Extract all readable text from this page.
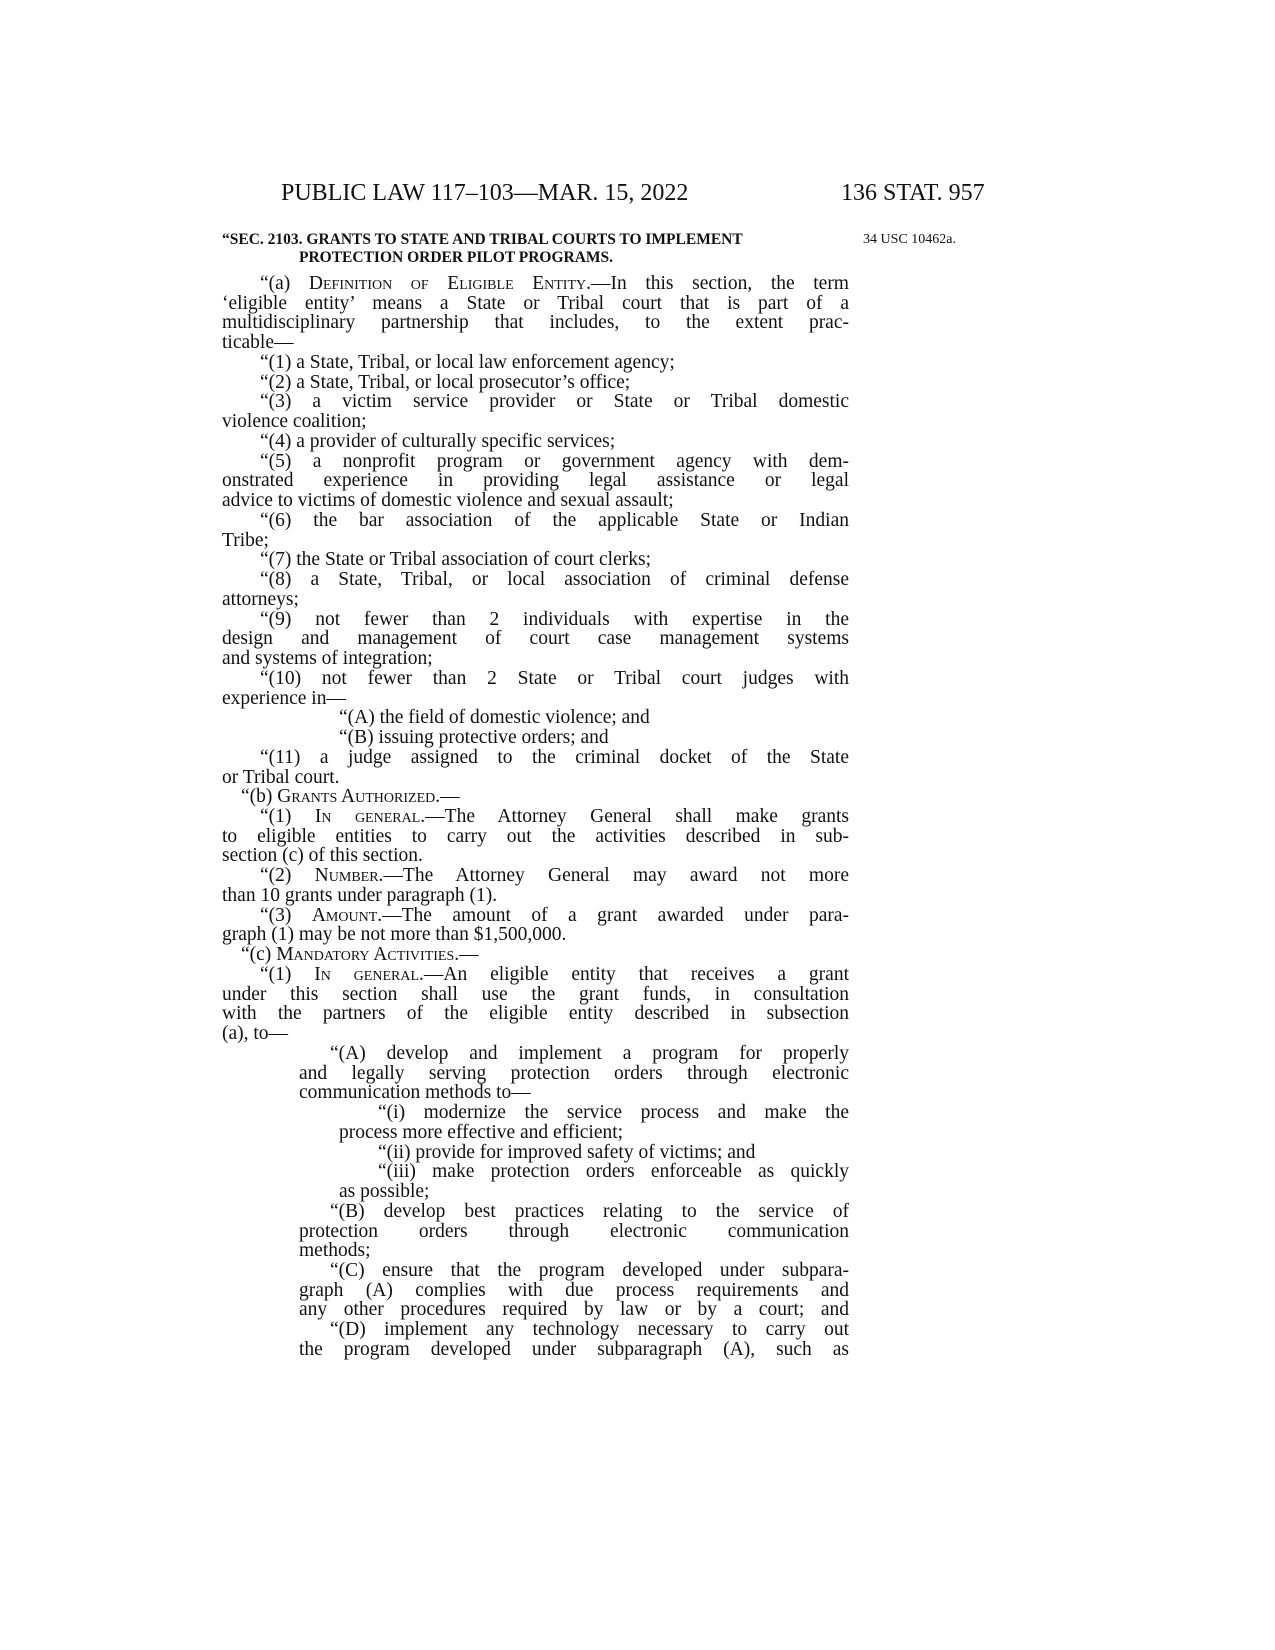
PUBLIC LAW 117–103—MAR. 15, 2022	136 STAT. 957
“SEC. 2103. GRANTS TO STATE AND TRIBAL COURTS TO IMPLEMENT
PROTECTION ORDER PILOT PROGRAMS.
34 USC 10462a.
“(a) Definition of Eligible Entity.—In this section, the term
‘eligible entity’ means a State or Tribal court that is part of a
multidisciplinary partnership that includes, to the extent prac-
ticable—
“(1) a State, Tribal, or local law enforcement agency;
“(2) a State, Tribal, or local prosecutor’s office;
“(3) a victim service provider or State or Tribal domestic
violence coalition;
“(4) a provider of culturally specific services;
“(5) a nonprofit program or government agency with dem-
onstrated experience in providing legal assistance or legal
advice to victims of domestic violence and sexual assault;
“(6) the bar association of the applicable State or Indian
Tribe;
“(7) the State or Tribal association of court clerks;
“(8) a State, Tribal, or local association of criminal defense
attorneys;
“(9) not fewer than 2 individuals with expertise in the
design and management of court case management systems
and systems of integration;
“(10) not fewer than 2 State or Tribal court judges with
experience in—
“(A) the field of domestic violence; and
“(B) issuing protective orders; and
“(11) a judge assigned to the criminal docket of the State
or Tribal court.
“(b) Grants Authorized.—
“(1) In general.—The Attorney General shall make grants
to eligible entities to carry out the activities described in sub-
section (c) of this section.
“(2) Number.—The Attorney General may award not more
than 10 grants under paragraph (1).
“(3) Amount.—The amount of a grant awarded under para-
graph (1) may be not more than $1,500,000.
“(c) Mandatory Activities.—
“(1) In general.—An eligible entity that receives a grant
under this section shall use the grant funds, in consultation
with the partners of the eligible entity described in subsection
(a), to—
“(A) develop and implement a program for properly
and legally serving protection orders through electronic
communication methods to—
“(i) modernize the service process and make the
process more effective and efficient;
“(ii) provide for improved safety of victims; and
“(iii) make protection orders enforceable as quickly
as possible;
“(B) develop best practices relating to the service of
protection orders through electronic communication
methods;
“(C) ensure that the program developed under subpara-
graph (A) complies with due process requirements and
any other procedures required by law or by a court; and
“(D) implement any technology necessary to carry out
the program developed under subparagraph (A), such as
